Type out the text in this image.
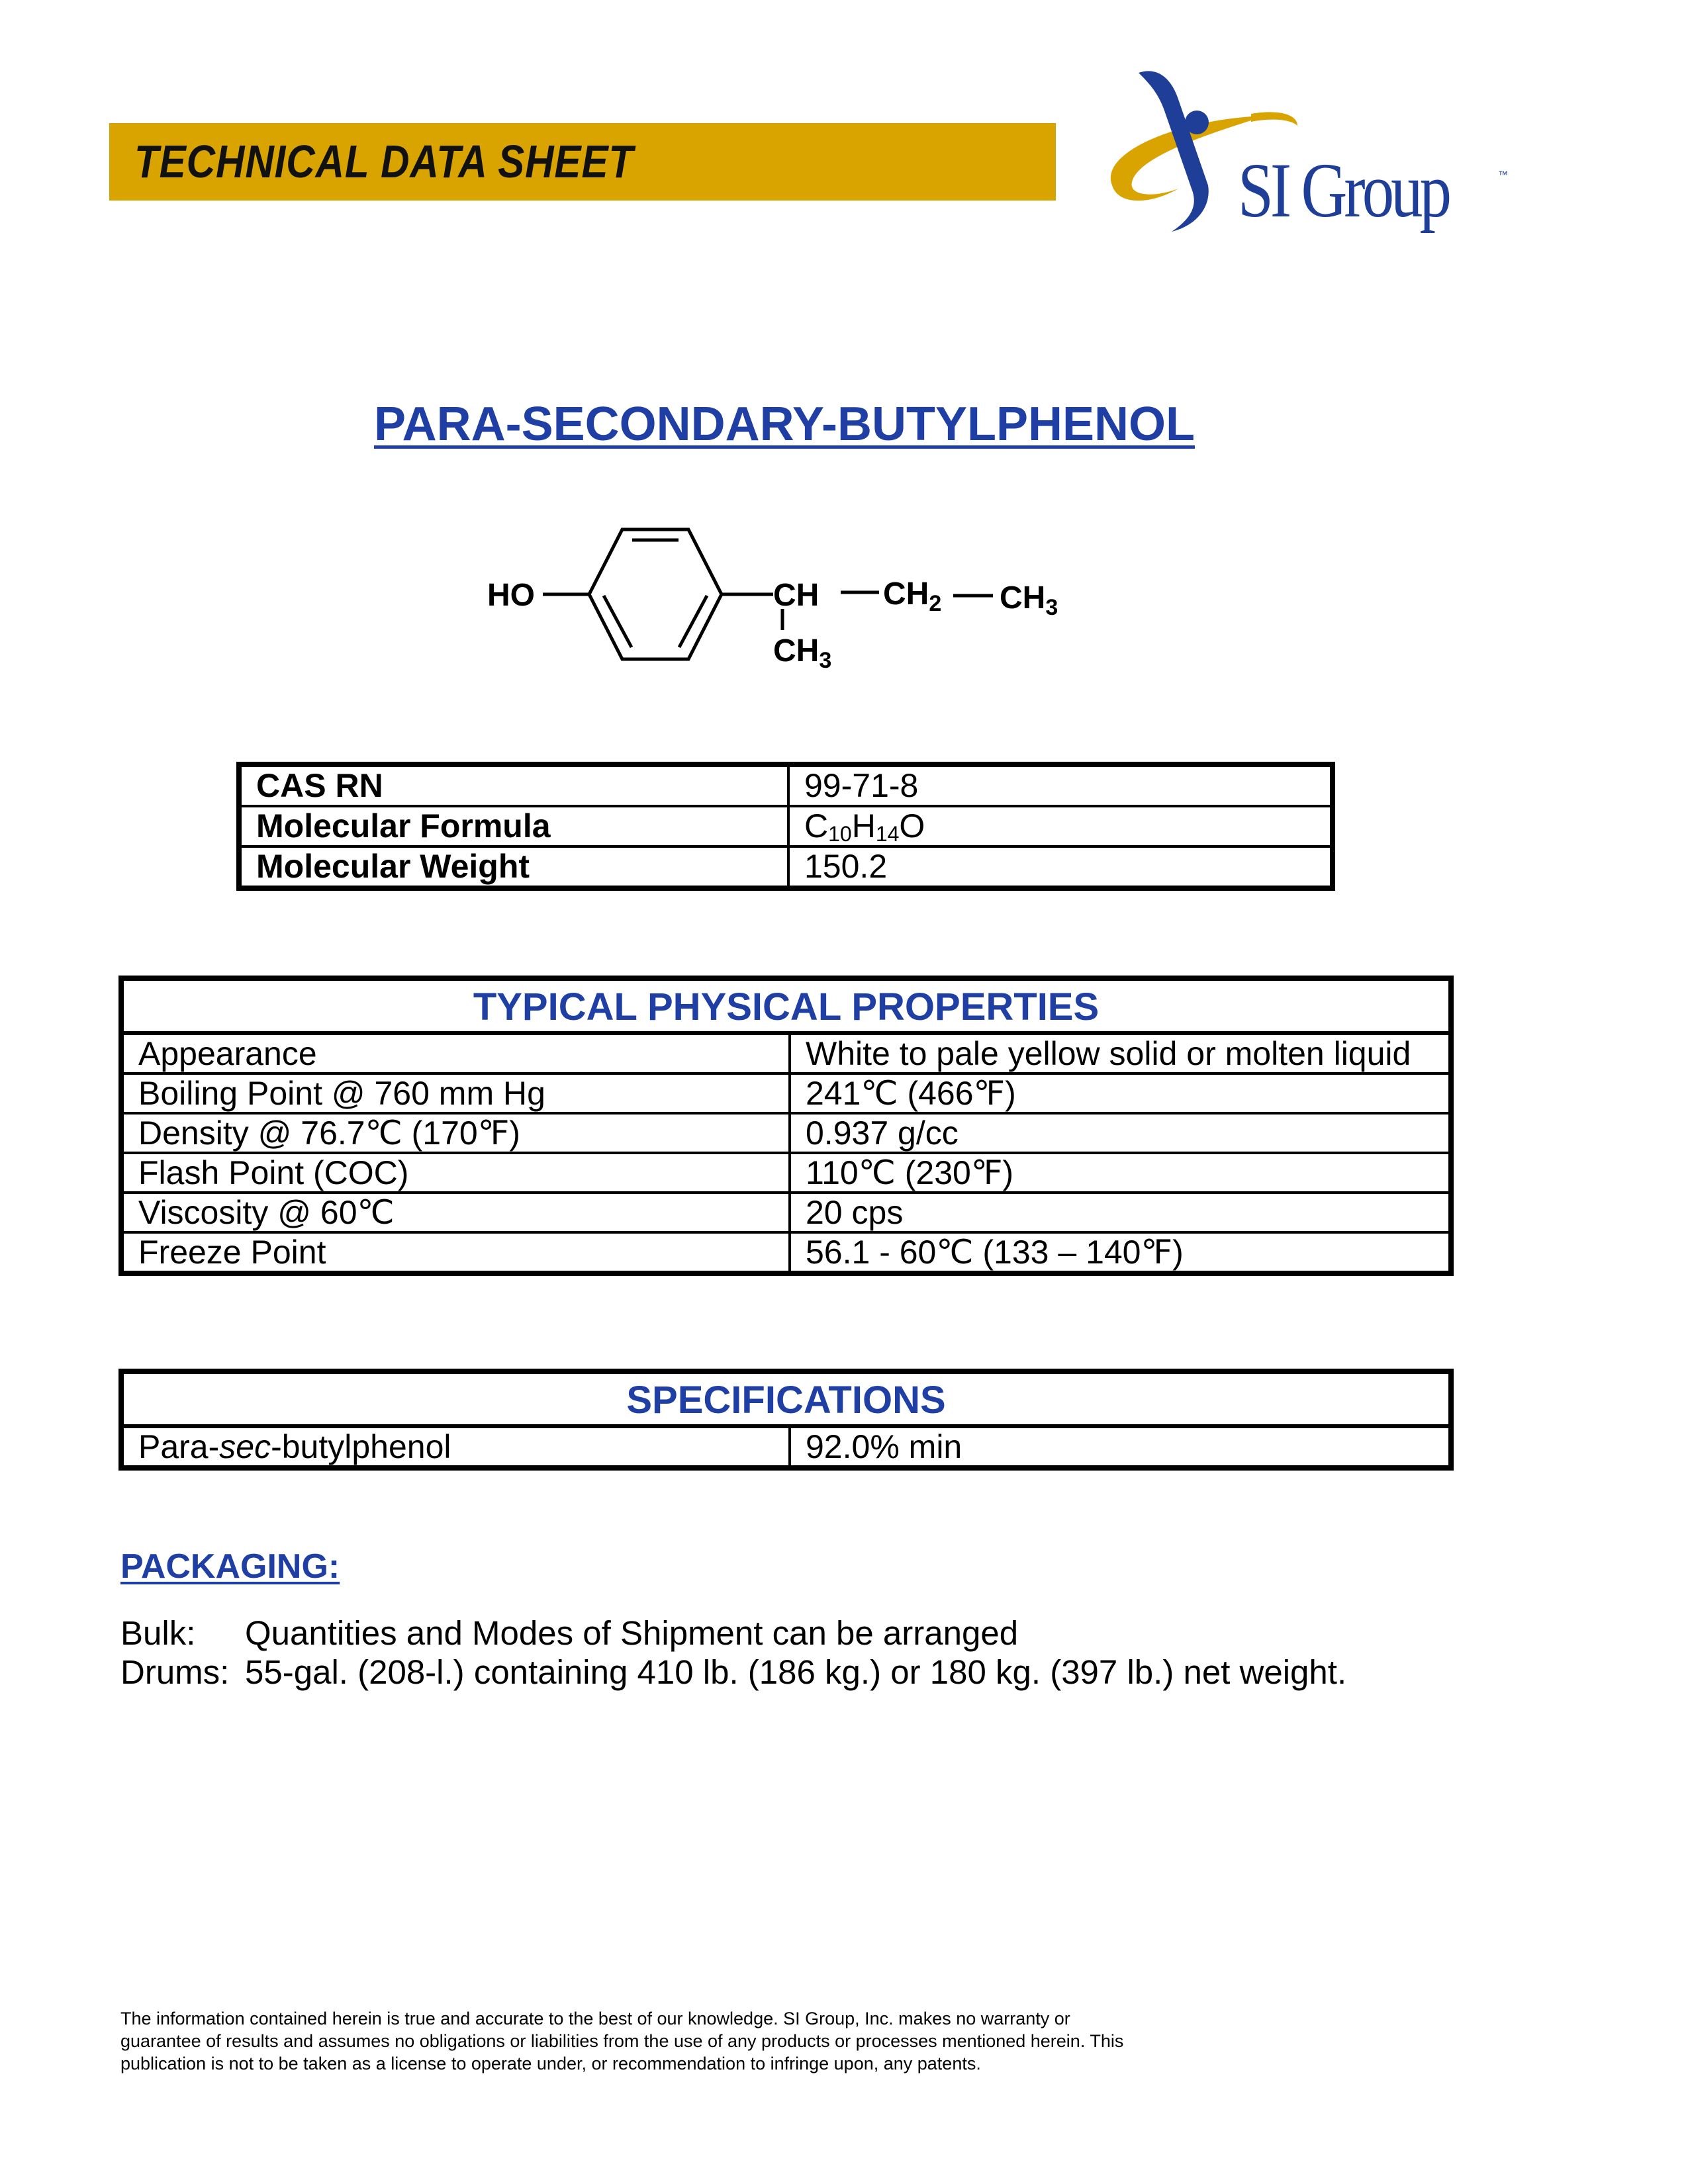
TECHNICAL DATA SHEET	SI Group	™
PARA-SECONDARY-BUTYLPHENOL
HO	CH $CH_2$ $CH_3$
$CH_3$
CAS RN	99-71-8
Molecular Formula	$C_{10}H_{14}O$
Molecular Weight	150.2
TYPICAL PHYSICAL PROPERTIES
Appearance	White to pale yellow solid or molten liquid
Boiling Point @ 760 mm Hg	241℃ (466℉)
Density @ 76.7℃ (170℉)	0.937 g/cc
Flash Point (COC)	110℃ (230℉)
Viscosity @ 60℃	20 cps
Freeze Point	56.1 - 60℃ (133 – 140℉)
SPECIFICATIONS
Para-sec-butylphenol	92.0% min
PACKAGING:
Bulk: Quantities and Modes of Shipment can be arranged
Drums: 55-gal. (208-l.) containing 410 lb. (186 kg.) or 180 kg. (397 lb.) net weight.
The information contained herein is true and accurate to the best of our knowledge. SI Group, Inc. makes no warranty or
guarantee of results and assumes no obligations or liabilities from the use of any products or processes mentioned herein. This
publication is not to be taken as a license to operate under, or recommendation to infringe upon, any patents.
